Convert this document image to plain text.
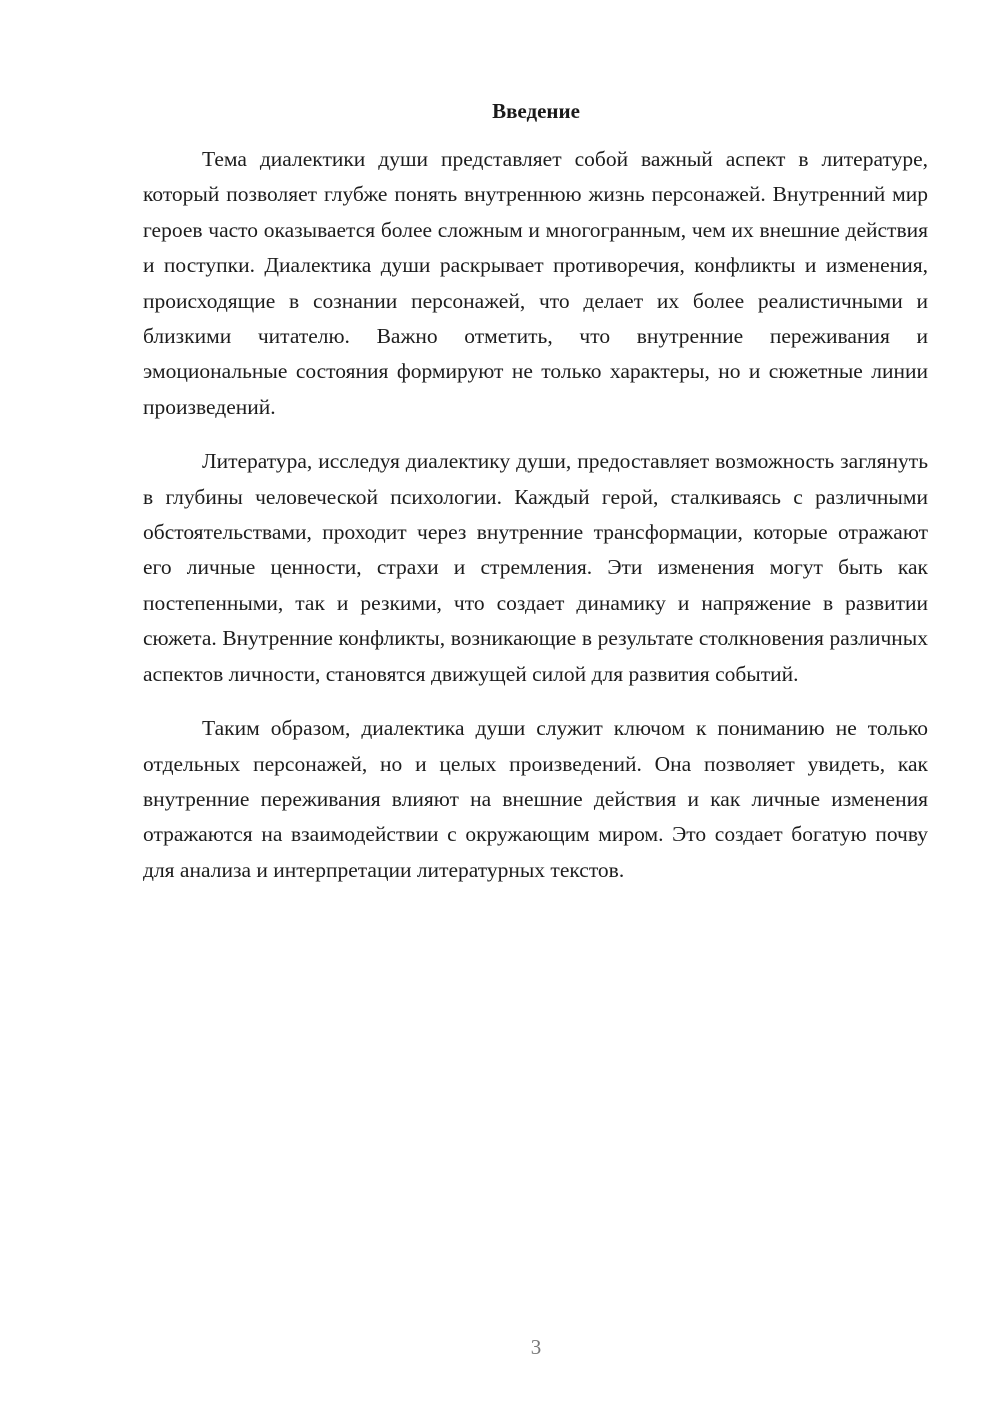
Введение

Тема диалектики души представляет собой важный аспект в литературе, который позволяет глубже понять внутреннюю жизнь персонажей. Внутренний мир героев часто оказывается более сложным и многогранным, чем их внешние действия и поступки. Диалектика души раскрывает противоречия, конфликты и изменения, происходящие в сознании персонажей, что делает их более реалистичными и близкими читателю. Важно отметить, что внутренние переживания и эмоциональные состояния формируют не только характеры, но и сюжетные линии произведений.

Литература, исследуя диалектику души, предоставляет возможность заглянуть в глубины человеческой психологии. Каждый герой, сталкиваясь с различными обстоятельствами, проходит через внутренние трансформации, которые отражают его личные ценности, страхи и стремления. Эти изменения могут быть как постепенными, так и резкими, что создает динамику и напряжение в развитии сюжета. Внутренние конфликты, возникающие в результате столкновения различных аспектов личности, становятся движущей силой для развития событий.

Таким образом, диалектика души служит ключом к пониманию не только отдельных персонажей, но и целых произведений. Она позволяет увидеть, как внутренние переживания влияют на внешние действия и как личные изменения отражаются на взаимодействии с окружающим миром. Это создает богатую почву для анализа и интерпретации литературных текстов.

3
